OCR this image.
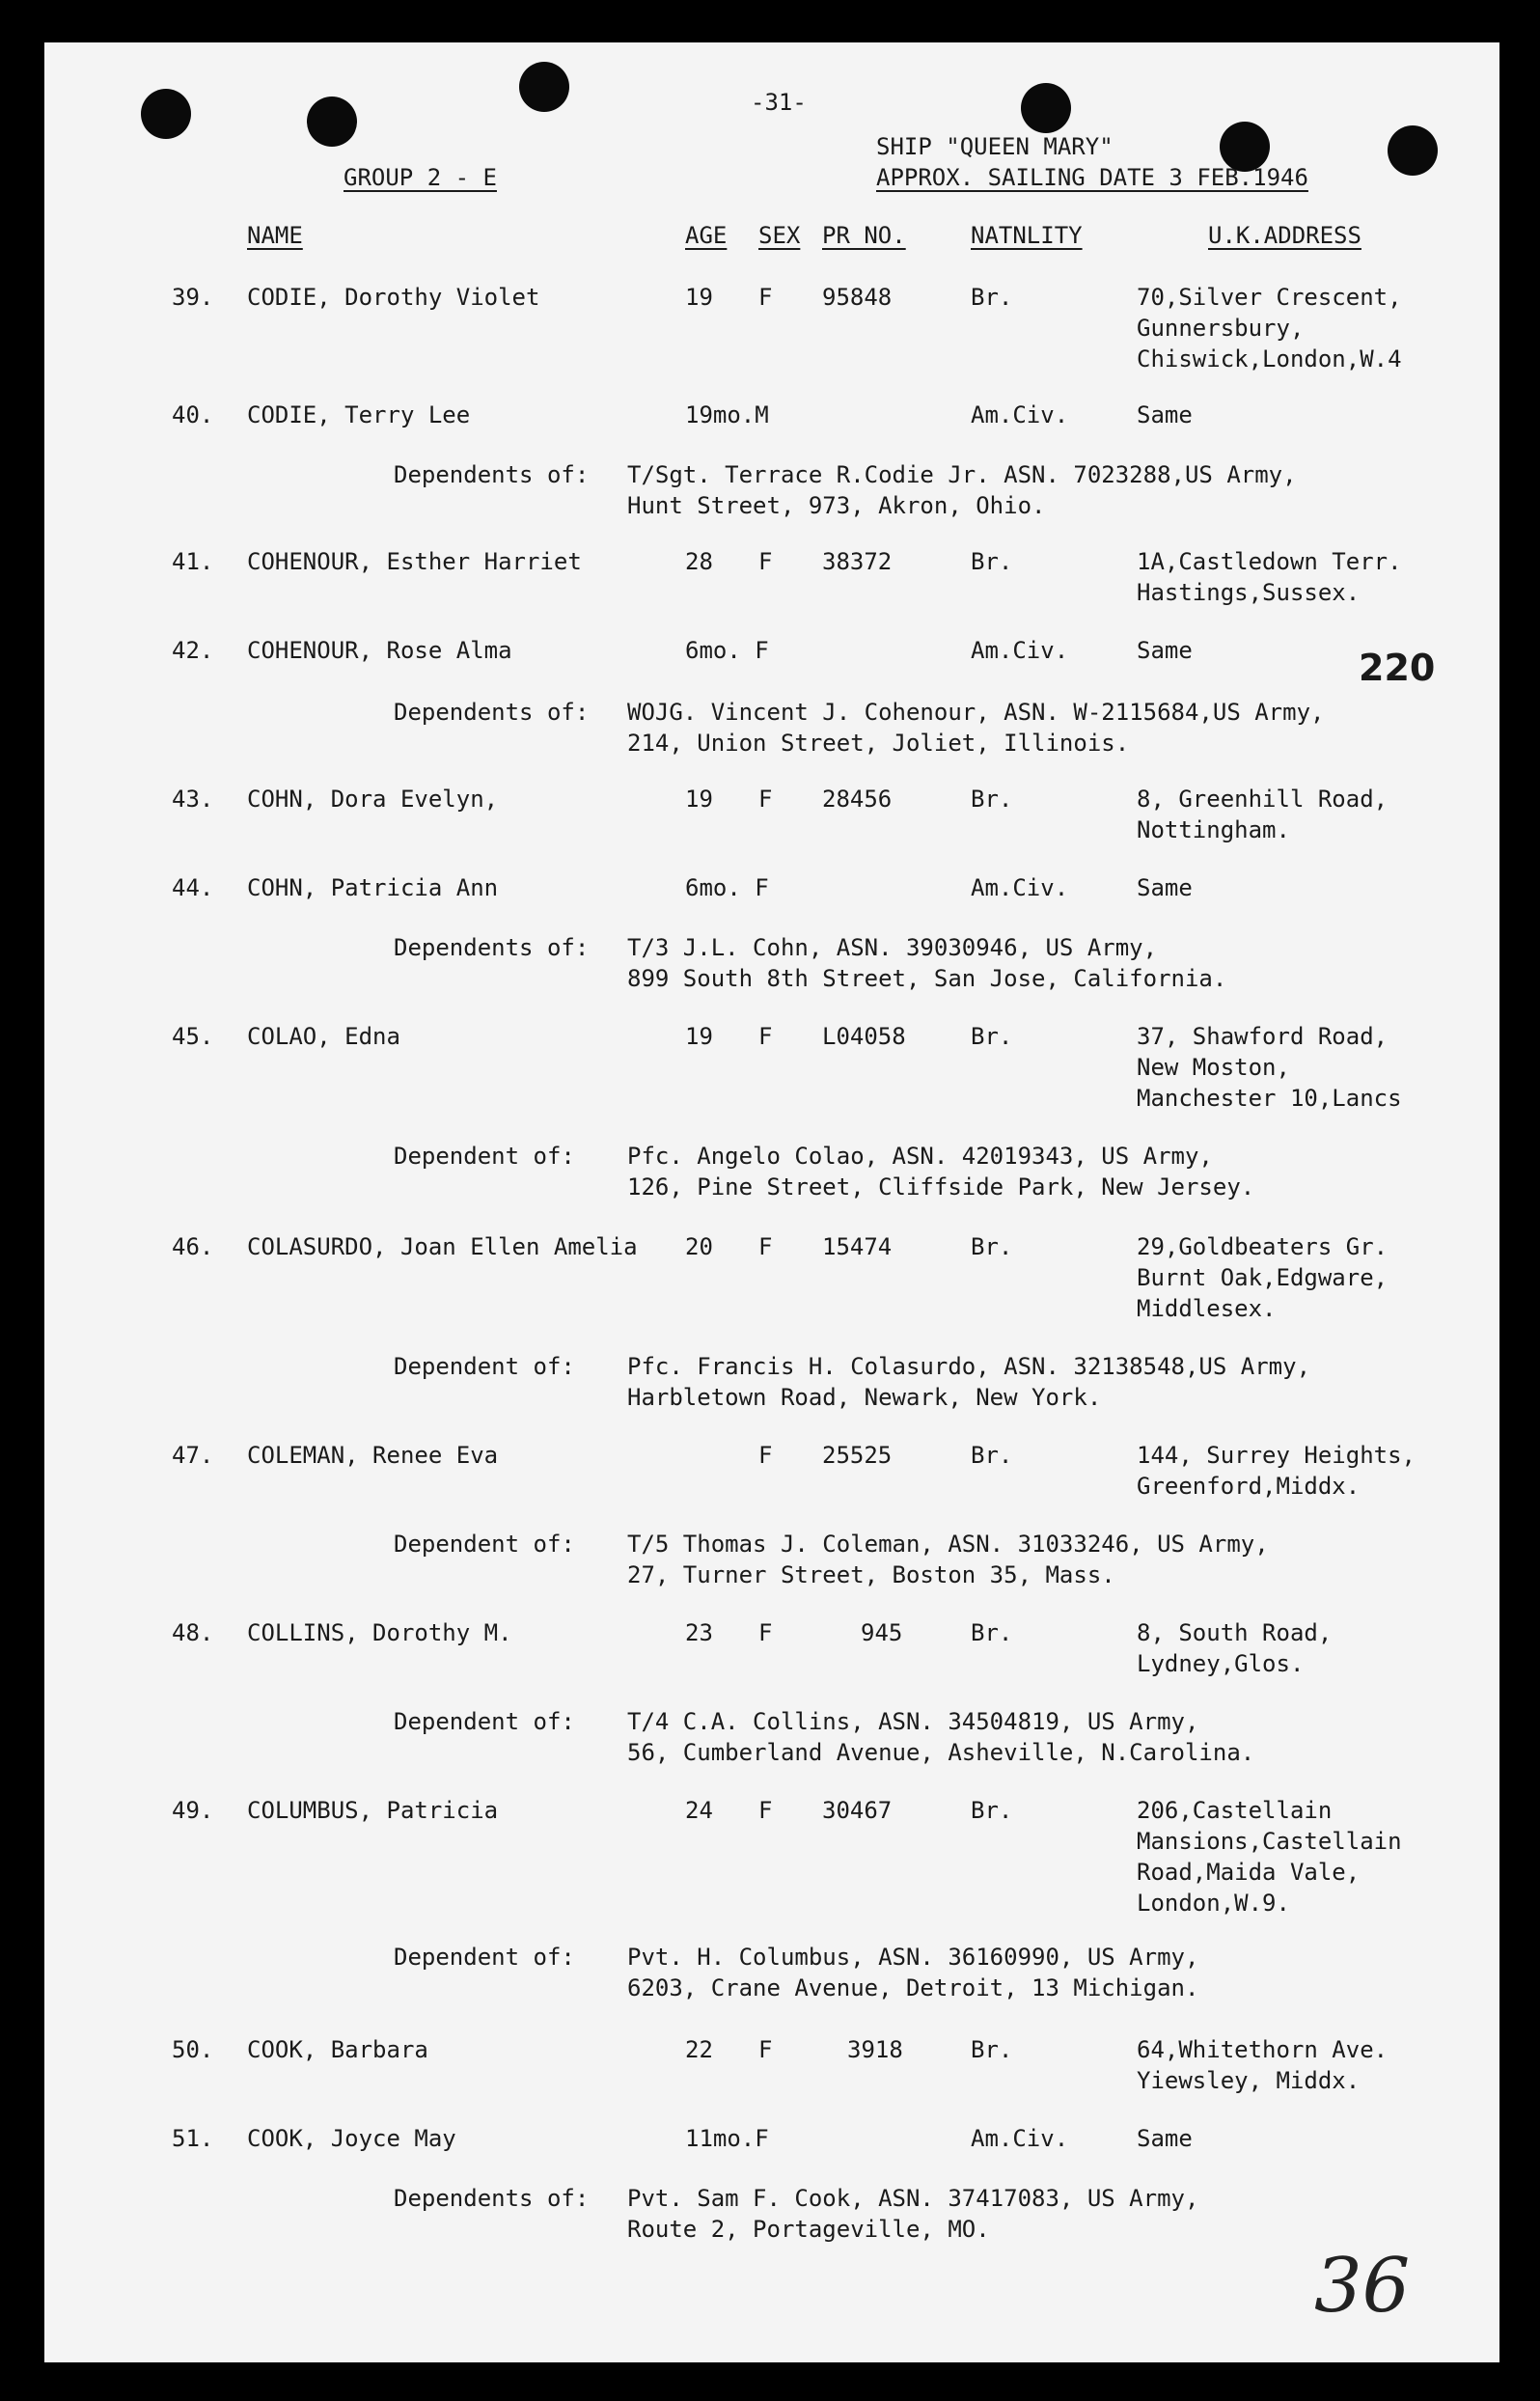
-31-
SHIP "QUEEN MARY"
APPROX. SAILING DATE 3 FEB.1946
GROUP 2 - E
NAME	AGE SEX PR NO.	NATNLITY	U.K.ADDRESS
220
39. CODIE, Dorothy Violet	19 F 95848	Br.	70,Silver Crescent,
Gunnersbury,
Chiswick,London,W.4
40. CODIE, Terry Lee	19mo.M	Am.Civ.	Same
Dependents of: T/Sgt. Terrace R.Codie Jr. ASN. 7023288,US Army,
Hunt Street, 973, Akron, Ohio.
41. COHENOUR, Esther Harriet	28 F 38372	Br.	1A,Castledown Terr.
Hastings,Sussex.
42. COHENOUR, Rose Alma	6mo. F	Am.Civ.	Same
Dependents of: WOJG. Vincent J. Cohenour, ASN. W-2115684,US Army,
214, Union Street, Joliet, Illinois.
43. COHN, Dora Evelyn,	19 F 28456	Br.	8, Greenhill Road,
Nottingham.
44. COHN, Patricia Ann	6mo. F	Am.Civ.	Same
Dependents of: T/3 J.L. Cohn, ASN. 39030946, US Army,
899 South 8th Street, San Jose, California.
45. COLAO, Edna	19 F L04058	Br.	37, Shawford Road,
New Moston,
Manchester 10,Lancs
Dependent of: Pfc. Angelo Colao, ASN. 42019343, US Army,
126, Pine Street, Cliffside Park, New Jersey.
46. COLASURDO, Joan Ellen Amelia 20 F 15474	Br.	29,Goldbeaters Gr.
Burnt Oak,Edgware,
Middlesex.
Dependent of: Pfc. Francis H. Colasurdo, ASN. 32138548,US Army,
Harbletown Road, Newark, New York.
47. COLEMAN, Renee Eva	F 25525	Br.	144, Surrey Heights,
Greenford,Middx.
Dependent of: T/5 Thomas J. Coleman, ASN. 31033246, US Army,
27, Turner Street, Boston 35, Mass.
48. COLLINS, Dorothy M.	23 F	945	Br.	8, South Road,
Lydney,Glos.
Dependent of: T/4 C.A. Collins, ASN. 34504819, US Army,
56, Cumberland Avenue, Asheville, N.Carolina.
49. COLUMBUS, Patricia	24 F 30467	Br.	206,Castellain
Mansions,Castellain
Road,Maida Vale,
London,W.9.
Dependent of: Pvt. H. Columbus, ASN. 36160990, US Army,
6203, Crane Avenue, Detroit, 13 Michigan.
50. COOK, Barbara	22 F	3918	Br.	64,Whitethorn Ave.
Yiewsley, Middx.
51. COOK, Joyce May	11mo.F	Am.Civ.	Same
Dependents of: Pvt. Sam F. Cook, ASN. 37417083, US Army,
Route 2, Portageville, MO.
36
